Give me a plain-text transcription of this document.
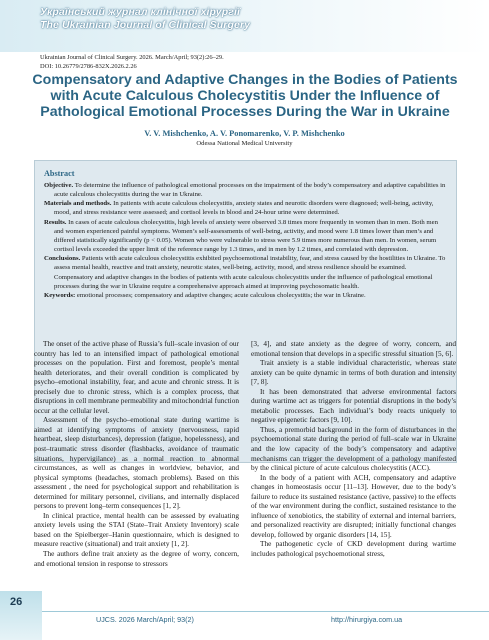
Український журнал клінічної хірургії
The Ukrainian Journal of Clinical Surgery
Ukrainian Journal of Clinical Surgery. 2026. March/April; 93(2):26–29.
DOI: 10.26779/2786-832X.2026.2.26
Compensatory and Adaptive Changes in the Bodies of Patients with Acute Calculous Cholecystitis Under the Influence of Pathological Emotional Processes During the War in Ukraine
V. V. Mishchenko, A. V. Ponomarenko, V. P. Mishchenko
Odessa National Medical University
Abstract

Objective. To determine the influence of pathological emotional processes on the impairment of the body’s compensatory and adaptive capabilities in acute calculous cholecystitis during the war in Ukraine.

Materials and methods. In patients with acute calculous cholecystitis, anxiety states and neurotic disorders were diagnosed; well-being, activity, mood, and stress resistance were assessed; and cortisol levels in blood and 24-hour urine were determined.

Results. In cases of acute calculous cholecystitis, high levels of anxiety were observed 3.8 times more frequently in women than in men. Both men and women experienced painful symptoms. Women’s self-assessments of well-being, activity, and mood were 1.8 times lower than men’s and differed statistically significantly (p < 0.05). Women who were vulnerable to stress were 5.9 times more numerous than men. In women, serum cortisol levels exceeded the upper limit of the reference range by 1.3 times, and in men by 1.2 times, and correlated with depression.

Conclusions. Patients with acute calculous cholecystitis exhibited psychoemotional instability, fear, and stress caused by the hostilities in Ukraine. To assess mental health, reactive and trait anxiety, neurotic states, well-being, activity, mood, and stress resilience should be examined. Compensatory and adaptive changes in the bodies of patients with acute calculous cholecystitis under the influence of pathological emotional processes during the war in Ukraine require a comprehensive approach aimed at improving psychosomatic health.

Keywords: emotional processes; compensatory and adaptive changes; acute calculous cholecystitis; the war in Ukraine.

The onset of the active phase of Russia’s full–scale invasion of our country has led to an intensified impact of pathological emotional processes on the population. First and foremost, people’s mental health deteriorates, and their overall condition is complicated by psycho–emotional instability, fear, and acute and chronic stress. It is precisely due to chronic stress, which is a complex process, that disruptions in cell membrane permeability and mitochondrial function occur at the cellular level.

Assessment of the psycho–emotional state during wartime is aimed at identifying symptoms of anxiety (nervousness, rapid heartbeat, sleep disturbances), depression (fatigue, hopelessness), and post–traumatic stress disorder (flashbacks, avoidance of traumatic situations, hypervigilance) as a normal reaction to abnormal circumstances, as well as changes in worldview, behavior, and physical symptoms (headaches, stomach problems). Based on this assessment , the need for psychological support and rehabilitation is determined for military personnel, civilians, and internally displaced persons to prevent long–term consequences [1, 2].

In clinical practice, mental health can be assessed by evaluating anxiety levels using the STAI (State–Trait Anxiety Inventory) scale based on the Spielberger–Hanin questionnaire, which is designed to measure reactive (situational) and trait anxiety [1, 2].

The authors define trait anxiety as the degree of worry, concern, and emotional tension in response to stressors

[3, 4], and state anxiety as the degree of worry, concern, and emotional tension that develops in a specific stressful situation [5, 6].

Trait anxiety is a stable individual characteristic, whereas state anxiety can be quite dynamic in terms of both duration and intensity [7, 8].

It has been demonstrated that adverse environmental factors during wartime act as triggers for potential disruptions in the body’s metabolic processes. Each individual’s body reacts uniquely to negative epigenetic factors [9, 10].

Thus, a premorbid background in the form of disturbances in the psychoemotional state during the period of full–scale war in Ukraine and the low capacity of the body’s compensatory and adaptive mechanisms can trigger the development of a pathology manifested by the clinical picture of acute calculous cholecystitis (ACC).

In the body of a patient with ACH, compensatory and adaptive changes in homeostasis occur [11–13]. However, due to the body’s failure to reduce its sustained resistance (active, passive) to the effects of the war environment during the conflict, sustained resistance to the influence of xenobiotics, the stability of external and internal barriers, and personalized reactivity are disrupted; initially functional changes develop, followed by organic disorders [14, 15].

The pathogenetic cycle of CKD development during wartime includes pathological psychoemotional stress,

26
UJCS. 2026 March/April; 93(2)	http://hirurgiya.com.ua
